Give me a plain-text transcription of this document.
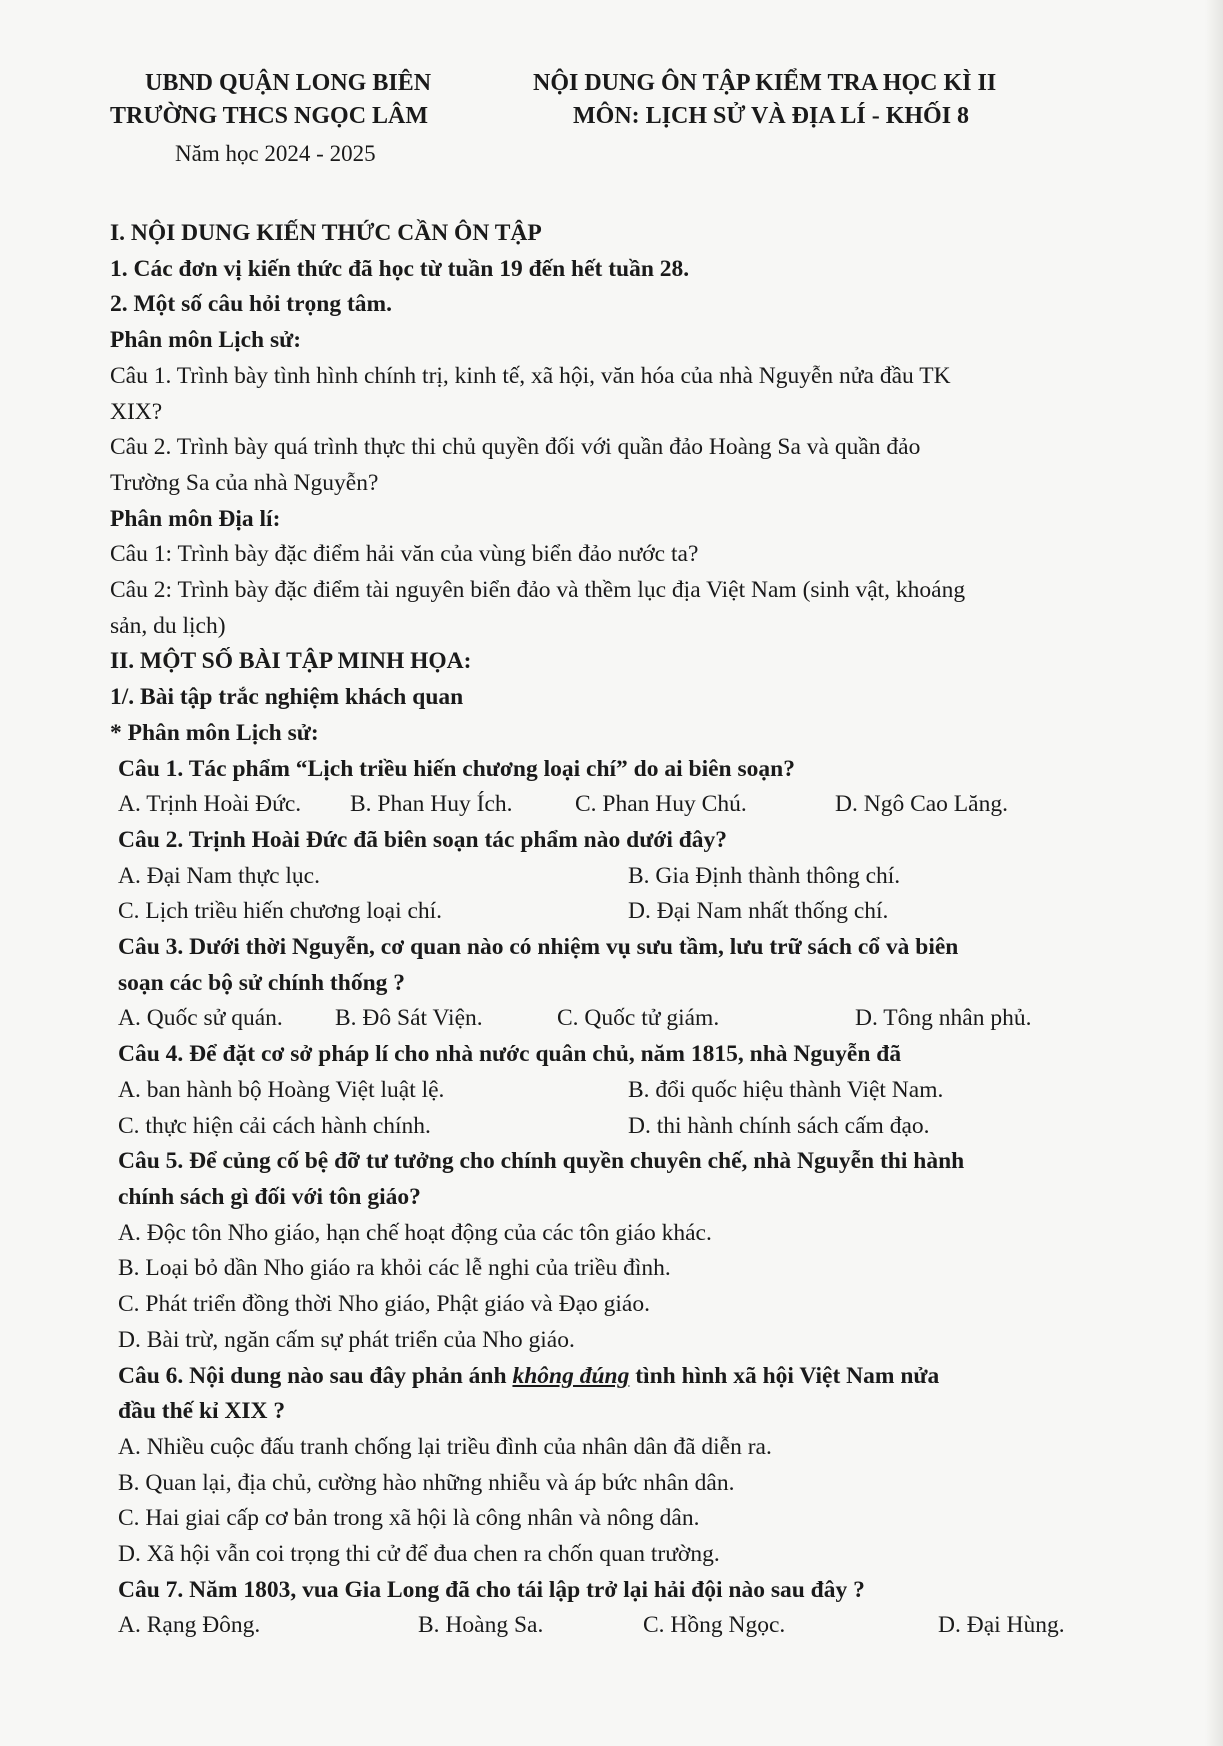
UBND QUẬN LONG BIÊN
TRƯỜNG THCS NGỌC LÂM
NỘI DUNG ÔN TẬP KIỂM TRA HỌC KÌ II
MÔN: LỊCH SỬ VÀ ĐỊA LÍ - KHỐI 8
Năm học 2024 - 2025

I. NỘI DUNG KIẾN THỨC CẦN ÔN TẬP

1. Các đơn vị kiến thức đã học từ tuần 19 đến hết tuần 28.

2. Một số câu hỏi trọng tâm.

Phân môn Lịch sử:

Câu 1. Trình bày tình hình chính trị, kinh tế, xã hội, văn hóa của nhà Nguyễn nửa đầu TK

XIX?

Câu 2. Trình bày quá trình thực thi chủ quyền đối với quần đảo Hoàng Sa và quần đảo

Trường Sa của nhà Nguyễn?

Phân môn Địa lí:

Câu 1: Trình bày đặc điểm hải văn của vùng biển đảo nước ta?

Câu 2: Trình bày đặc điểm tài nguyên biển đảo và thềm lục địa Việt Nam (sinh vật, khoáng

sản, du lịch)

II. MỘT SỐ BÀI TẬP MINH HỌA:

1/. Bài tập trắc nghiệm khách quan

* Phân môn Lịch sử:

Câu 1. Tác phẩm “Lịch triều hiến chương loại chí” do ai biên soạn?

A. Trịnh Hoài Đức.	B. Phan Huy Ích.	C. Phan Huy Chú.	D. Ngô Cao Lăng.

Câu 2. Trịnh Hoài Đức đã biên soạn tác phẩm nào dưới đây?

A. Đại Nam thực lục.	B. Gia Định thành thông chí.
C. Lịch triều hiến chương loại chí.	D. Đại Nam nhất thống chí.

Câu 3. Dưới thời Nguyễn, cơ quan nào có nhiệm vụ sưu tầm, lưu trữ sách cổ và biên

soạn các bộ sử chính thống ?

A. Quốc sử quán.	B. Đô Sát Viện.	C. Quốc tử giám.	D. Tông nhân phủ.

Câu 4. Để đặt cơ sở pháp lí cho nhà nước quân chủ, năm 1815, nhà Nguyễn đã

A. ban hành bộ Hoàng Việt luật lệ.	B. đổi quốc hiệu thành Việt Nam.
C. thực hiện cải cách hành chính.	D. thi hành chính sách cấm đạo.

Câu 5. Để củng cố bệ đỡ tư tưởng cho chính quyền chuyên chế, nhà Nguyễn thi hành

chính sách gì đối với tôn giáo?

A. Độc tôn Nho giáo, hạn chế hoạt động của các tôn giáo khác.

B. Loại bỏ dần Nho giáo ra khỏi các lễ nghi của triều đình.

C. Phát triển đồng thời Nho giáo, Phật giáo và Đạo giáo.

D. Bài trừ, ngăn cấm sự phát triển của Nho giáo.

Câu 6. Nội dung nào sau đây phản ánh không đúng tình hình xã hội Việt Nam nửa

đầu thế kỉ XIX ?

A. Nhiều cuộc đấu tranh chống lại triều đình của nhân dân đã diễn ra.

B. Quan lại, địa chủ, cường hào những nhiễu và áp bức nhân dân.

C. Hai giai cấp cơ bản trong xã hội là công nhân và nông dân.

D. Xã hội vẫn coi trọng thi cử để đua chen ra chốn quan trường.

Câu 7. Năm 1803, vua Gia Long đã cho tái lập trở lại hải đội nào sau đây ?

A. Rạng Đông.	B. Hoàng Sa.	C. Hồng Ngọc.	D. Đại Hùng.
